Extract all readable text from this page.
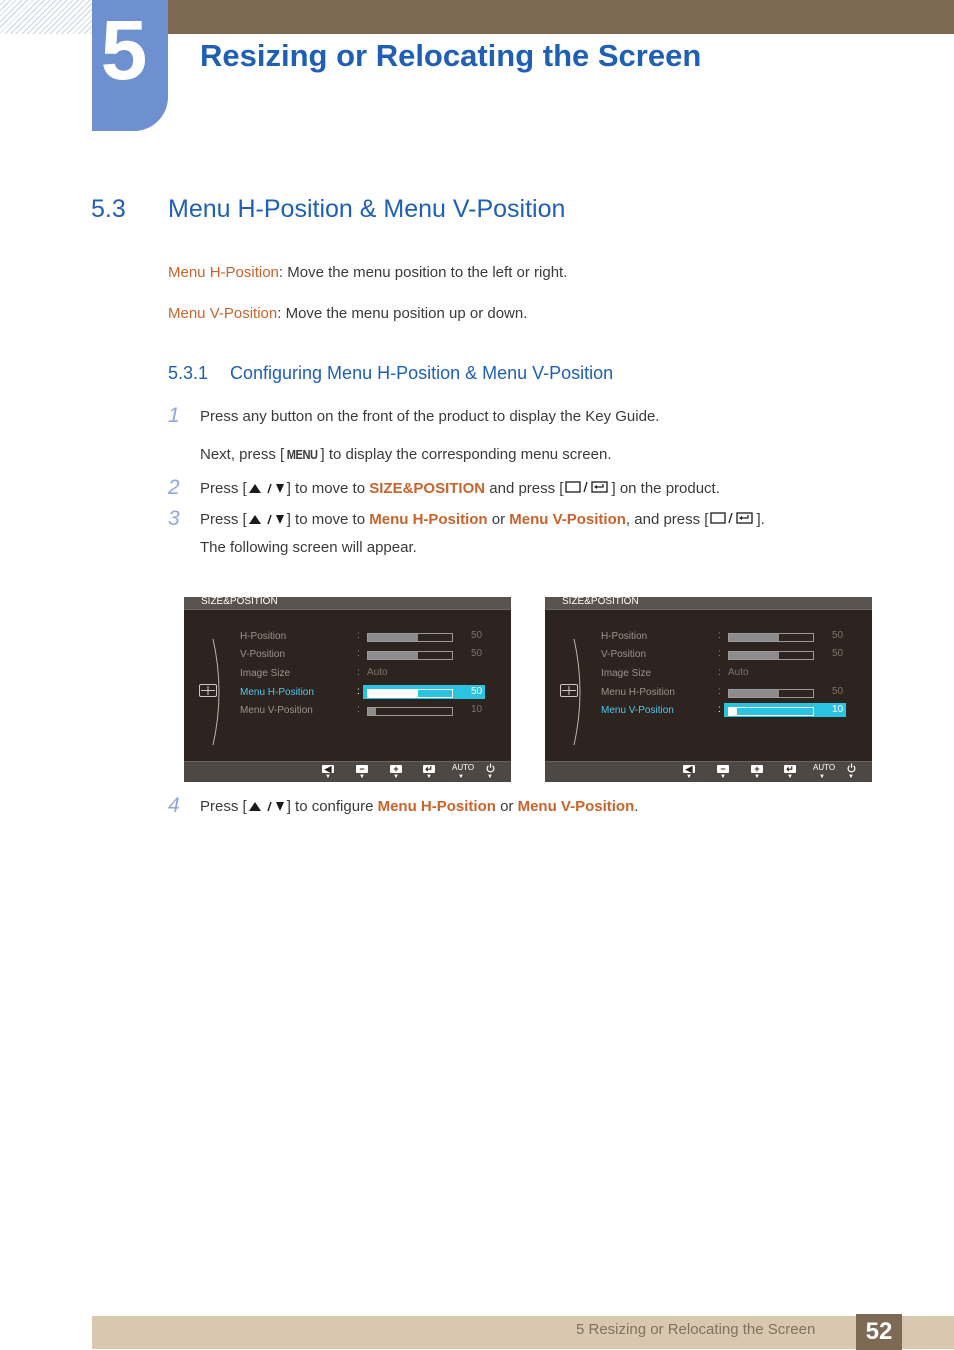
5 Resizing or Relocating the Screen
5.3 Menu H-Position & Menu V-Position
Menu H-Position: Move the menu position to the left or right.
Menu V-Position: Move the menu position up or down.
5.3.1 Configuring Menu H-Position & Menu V-Position
1 Press any button on the front of the product to display the Key Guide.
Next, press [ MENU ] to display the corresponding menu screen.
2 Press [	] to move to SIZE&POSITION and press [	] on the product.
3 Press [	] to move to Menu H-Position or Menu V-Position, and press [	].
The following screen will appear.
SIZE&POSITION
H-Position	:	50
V-Position	:	50
Image Size	: Auto
Menu H-Position	:	50
Menu V-Position	:	10
◀
▼
−
▼
+
▼
↵
▼
AUTO
▼	▼
SIZE&POSITION
H-Position	:	50
V-Position	:	50
Image Size	: Auto
Menu H-Position	:	50
Menu V-Position	:	10
◀
▼
−
▼
+
▼
↵
▼
AUTO
▼	▼
4 Press [	] to configure Menu H-Position or Menu V-Position.
5 Resizing or Relocating the Screen	52
